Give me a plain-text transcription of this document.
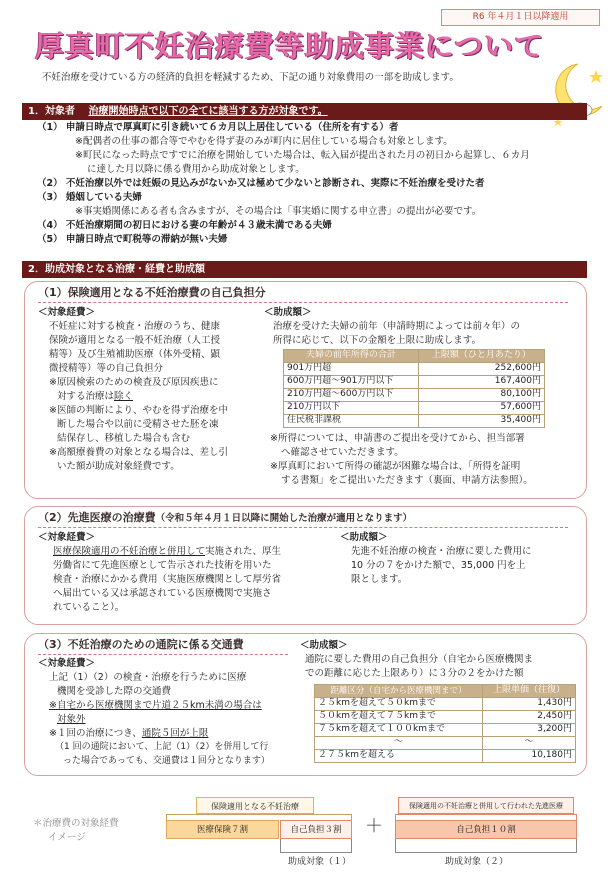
R6 年４月１日以降適用
厚真町不妊治療費等助成事業について
不妊治療を受けている方の経済的負担を軽減するため、下記の通り対象費用の一部を助成します。
1．対象者　 治療開始時点で以下の全てに該当する方が対象です。
（1） 申請日時点で厚真町に引き続いて６カ月以上居住している（住所を有する）者
※配偶者の仕事の都合等でやむを得ず妻のみが町内に居住している場合も対象とします。
※町民になった時点ですでに治療を開始していた場合は、転入届が提出された月の初日から起算し、６カ月
に達した月以降に係る費用から助成対象とします。
（2） 不妊治療以外では妊娠の見込みがないか又は極めて少ないと診断され、実際に不妊治療を受けた者
（3） 婚姻している夫婦
※事実婚関係にある者も含みますが、その場合は「事実婚に関する申立書」の提出が必要です。
（4） 不妊治療期間の初日における妻の年齢が４３歳未満である夫婦
（5） 申請日時点で町税等の滞納が無い夫婦
2．助成対象となる治療・経費と助成額
（1）保険適用となる不妊治療費の自己負担分
＜対象経費＞
不妊症に対する検査・治療のうち、健康
保険が適用となる一般不妊治療（人工授
精等）及び生殖補助医療（体外受精、顕
微授精等）等の自己負担分
※原因検索のための検査及び原因疾患に
対する治療は除く
※医師の判断により、やむを得ず治療を中
断した場合や以前に受精させた胚を凍
結保存し、移植した場合も含む
※高額療養費の対象となる場合は、差し引
いた額が助成対象経費です。
＜助成額＞
治療を受けた夫婦の前年（申請時期によっては前々年）の
所得に応じて、以下の金額を上限に助成します。
夫婦の前年所得の合計	上限額（ひと月あたり）
901万円超	252,600円
600万円超～901万円以下	167,400円
210万円超～600万円以下	80,100円
210万円以下	57,600円
住民税非課税	35,400円
※所得については、申請書のご提出を受けてから、担当部署
へ確認させていただきます。
※厚真町において所得の確認が困難な場合は、「所得を証明
する書類」をご提出いただきます（裏面、申請方法参照）。
（2）先進医療の治療費（令和５年４月１日以降に開始した治療が適用となります）
＜対象経費＞
医療保険適用の不妊治療と併用して実施された、厚生
労働省にて先進医療として告示された技術を用いた
検査・治療にかかる費用（実施医療機関として厚労省
へ届出ている又は承認されている医療機関で実施さ
れていること）。
＜助成額＞
先進不妊治療の検査・治療に要した費用に
10 分の７をかけた額で、35,000 円を上
限とします。
（3）不妊治療のための通院に係る交通費
＜対象経費＞
上記（1）（2）の検査・治療を行うために医療
機関を受診した際の交通費
※自宅から医療機関まで片道２５km未満の場合は
対象外
※１回の治療につき、通院５回が上限
（1 回の通院において、上記（1）（2）を併用して行
った場合であっても、交通費は１回分となります）
＜助成額＞
通院に要した費用の自己負担分（自宅から医療機関ま
での距離に応じた上限あり）に３分の２をかけた額
距離区分（自宅から医療機関まで）	上限単価（往復）
２５kmを超えて５０kmまで	1,430円
５０kmを超えて７５kmまで	2,450円
７５kmを超えて１００kmまで	3,200円
～	～
２７５kmを超える	10,180円
＊治療費の対象経費
イメージ
保険適用となる不妊治療
医療保険７割	自己負担３割	＋
保険適用の不妊治療と併用して行われた先進医療
自己負担１０割
助成対象（１）	助成対象（２）
